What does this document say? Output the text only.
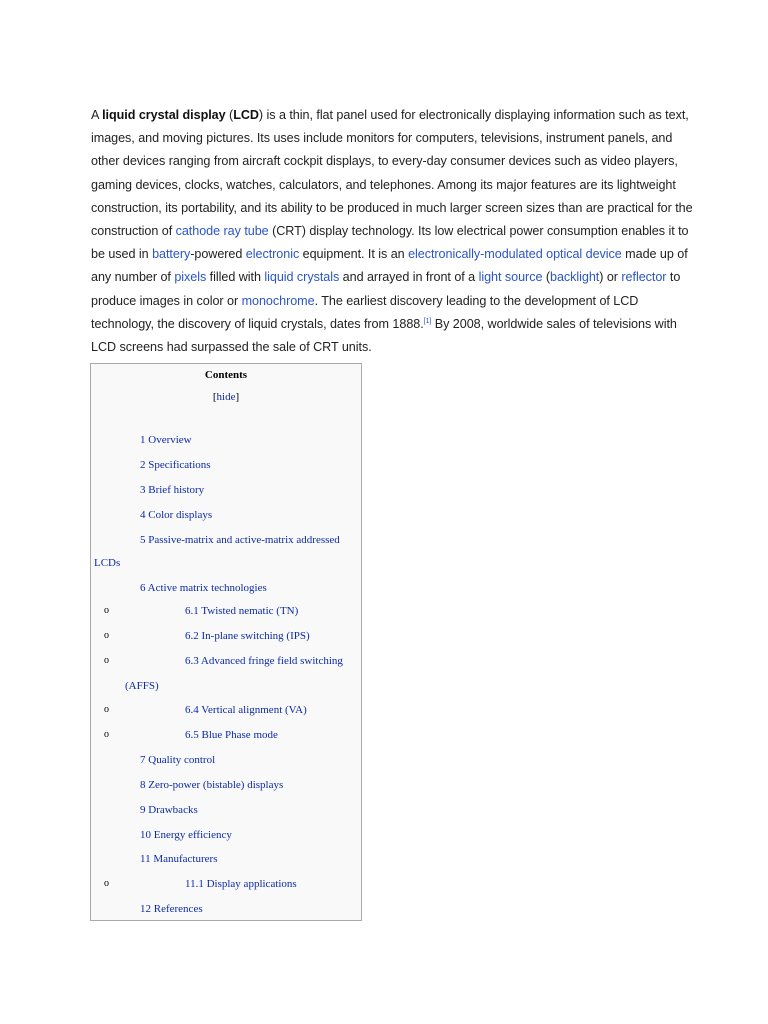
A liquid crystal display (LCD) is a thin, flat panel used for electronically displaying information such as text, images, and moving pictures. Its uses include monitors for computers, televisions, instrument panels, and other devices ranging from aircraft cockpit displays, to every-day consumer devices such as video players, gaming devices, clocks, watches, calculators, and telephones. Among its major features are its lightweight construction, its portability, and its ability to be produced in much larger screen sizes than are practical for the construction of cathode ray tube (CRT) display technology. Its low electrical power consumption enables it to be used in battery-powered electronic equipment. It is an electronically-modulated optical device made up of any number of pixels filled with liquid crystals and arrayed in front of a light source (backlight) or reflector to produce images in color or monochrome. The earliest discovery leading to the development of LCD technology, the discovery of liquid crystals, dates from 1888.[1] By 2008, worldwide sales of televisions with LCD screens had surpassed the sale of CRT units.

Contents
[hide]
1 Overview
2 Specifications
3 Brief history
4 Color displays
5 Passive-matrix and active-matrix addressed
LCDs
6 Active matrix technologies
o	6.1 Twisted nematic (TN)
o	6.2 In-plane switching (IPS)
o	6.3 Advanced fringe field switching
(AFFS)
o	6.4 Vertical alignment (VA)
o	6.5 Blue Phase mode
7 Quality control
8 Zero-power (bistable) displays
9 Drawbacks
10 Energy efficiency
11 Manufacturers
o	11.1 Display applications
12 References
